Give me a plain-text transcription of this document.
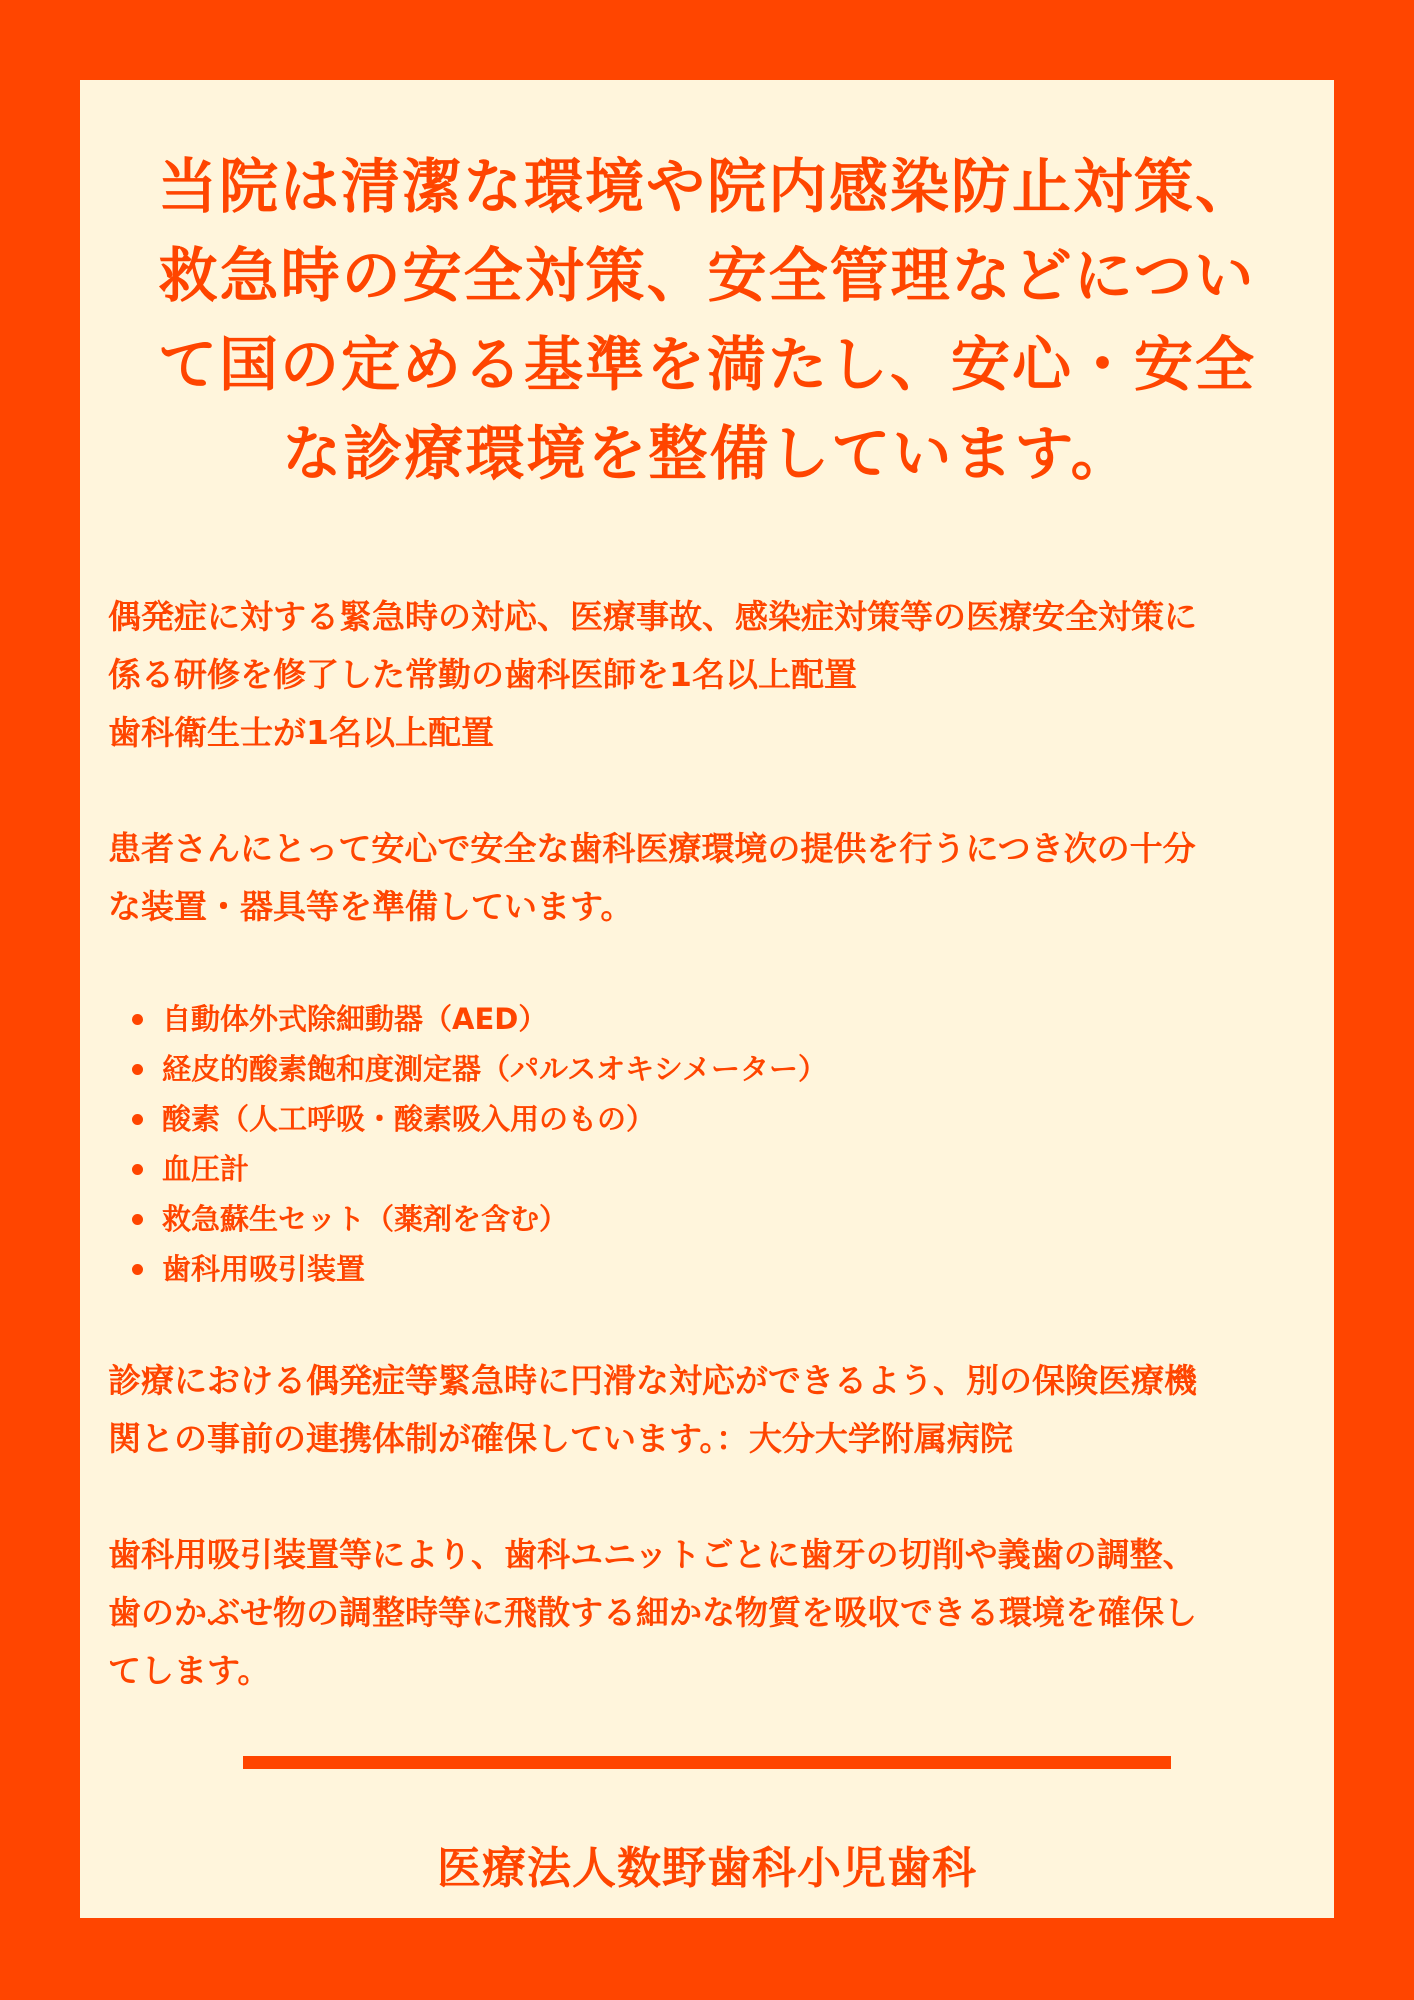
当院は清潔な環境や院内感染防止対策、
救急時の安全対策、安全管理などについ
て国の定める基準を満たし、安心・安全
な診療環境を整備しています。

偶発症に対する緊急時の対応、医療事故、感染症対策等の医療安全対策に
係る研修を修了した常勤の歯科医師を1名以上配置
歯科衛生士が1名以上配置

患者さんにとって安心で安全な歯科医療環境の提供を行うにつき次の十分
な装置・器具等を準備しています。

自動体外式除細動器（AED）
経皮的酸素飽和度測定器（パルスオキシメーター）
酸素（人工呼吸・酸素吸入用のもの）
血圧計
救急蘇生セット（薬剤を含む）
歯科用吸引装置

診療における偶発症等緊急時に円滑な対応ができるよう、別の保険医療機
関との事前の連携体制が確保しています。：大分大学附属病院

歯科用吸引装置等により、歯科ユニットごとに歯牙の切削や義歯の調整、
歯のかぶせ物の調整時等に飛散する細かな物質を吸収できる環境を確保し
てします。

医療法人数野歯科小児歯科
